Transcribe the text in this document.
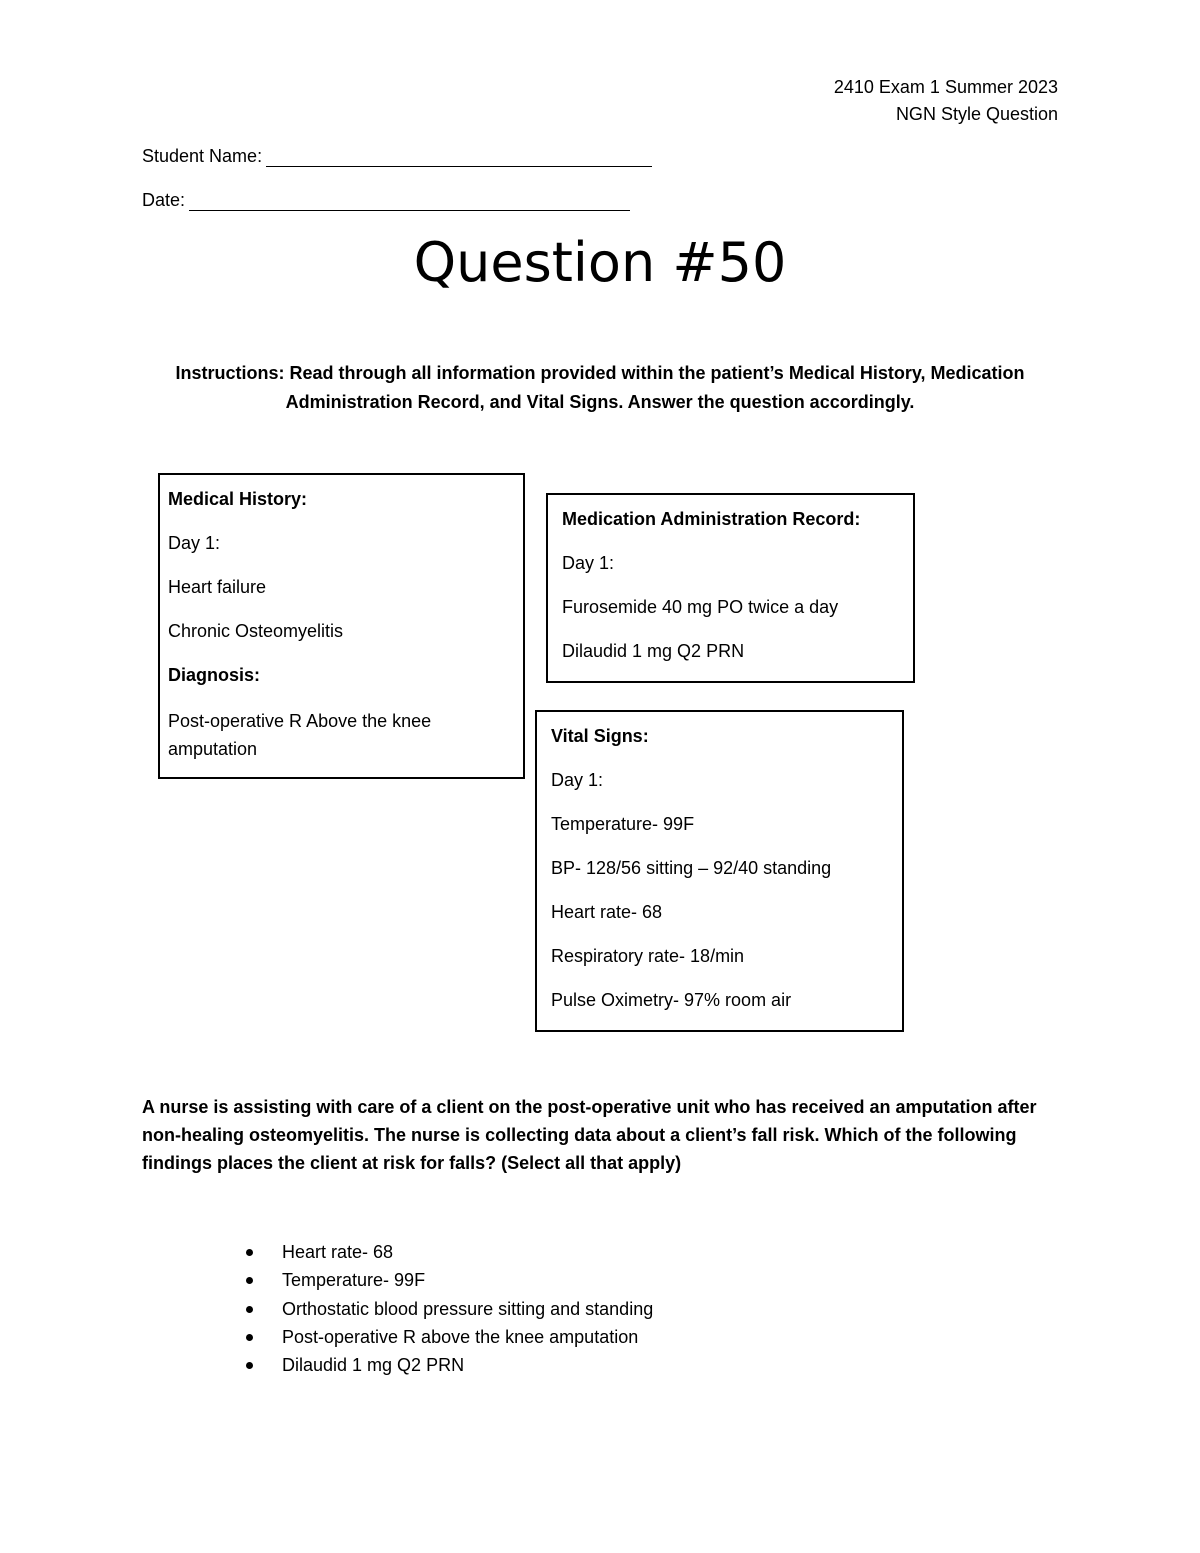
2410 Exam 1 Summer 2023
NGN Style Question
Student Name:
Date:
Question #50
Instructions: Read through all information provided within the patient’s Medical History, Medication Administration Record, and Vital Signs. Answer the question accordingly.

Medical History:

Day 1:

Heart failure

Chronic Osteomyelitis

Diagnosis:

Post-operative R Above the knee amputation

Medication Administration Record:

Day 1:

Furosemide 40 mg PO twice a day

Dilaudid 1 mg Q2 PRN

Vital Signs:

Day 1:

Temperature- 99F

BP- 128/56 sitting – 92/40 standing

Heart rate- 68

Respiratory rate- 18/min

Pulse Oximetry- 97% room air

A nurse is assisting with care of a client on the post-operative unit who has received an amputation after non-healing osteomyelitis. The nurse is collecting data about a client’s fall risk. Which of the following findings places the client at risk for falls? (Select all that apply)
Heart rate- 68
Temperature- 99F
Orthostatic blood pressure sitting and standing
Post-operative R above the knee amputation
Dilaudid 1 mg Q2 PRN
